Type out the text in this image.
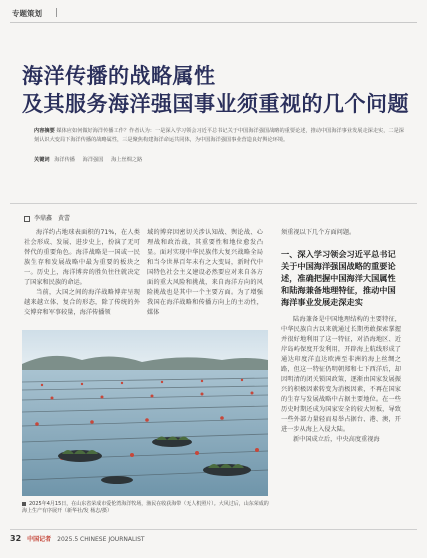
专题策划
海洋传播的战略属性
及其服务海洋强国事业须重视的几个问题
内容摘要 媒体应如何做好海洋传播工作？作者认为：一是深入学习领会习近平总书记关于中国海洋强国战略的重要论述，推动中国海洋事业发展走深走实，二是深刻认识大变局下海洋传播的战略属性，三是聚焦构建海洋命运共同体，为中国海洋强国事业营造良好舆论环境。
关键词 海洋传播 海洋强国 海上丝绸之路
李鼎鑫　黄蕾

海洋约占地球表面积的71%，在人类社会形成、发展、进步史上，扮演了无可替代的重要角色。海洋战略是一国或一民族生存和发展战略中最为重要的板块之一。历史上，海洋博弈的胜负往往就决定了国家和民族的命运。

当前，大国之间的海洋战略博弈呈现越来越立体、复合的形态，除了传统的外交博弈和军事较量，海洋传播领

域的博弈因密切关涉认知战、舆论战、心理战和政治战，其重要性和地位愈发凸显。面对实现中华民族伟大复兴战略全局和当今世界百年未有之大变局，新时代中国特色社会主义建设必然要应对来自各方面的重大风险和挑战，来自海洋方向的风险挑战也是其中一个主要方面。为了增强我国在海洋战略和传播方向上的主动性，媒体

须重视以下几个方面问题。

一、深入学习领会习近平总书记关于中国海洋强国战略的重要论述，准确把握中国海洋大国属性和陆海兼备地理特征，推动中国海洋事业发展走深走实

陆海兼备是中国地理结构的主要特征，中华民族自古以来就通过长期勇敢探索掌握并很好地利用了这一特征，对沿海地区、近岸岛屿保度开发利用，开辟海上航线形成了通达印度洋直达欧洲至非洲的海上丝绸之路，但这一特征仍明朝郑和七下西洋后，却因明清的闭关锁国政策，逐渐由国家发展振兴的积极因素转变为消极因素，不再在国家的生存与发展战略中占据主要地位。在一些历史时期还成为国家安全的较大短板，导致一些外部力量轻而易举占据台、港、澳，开进一步从海上入侵大陆。

新中国成立后，中央高度重视海

2025年4月15日，在山东省荣成市爱伦湾海洋牧场，渔民在收获海带（无人机照片）。大风过后，山东荣成的海上生产有序展开（新华社/发 杨志/摄）
32 中国记者 2025.5 CHINESE JOURNALIST
